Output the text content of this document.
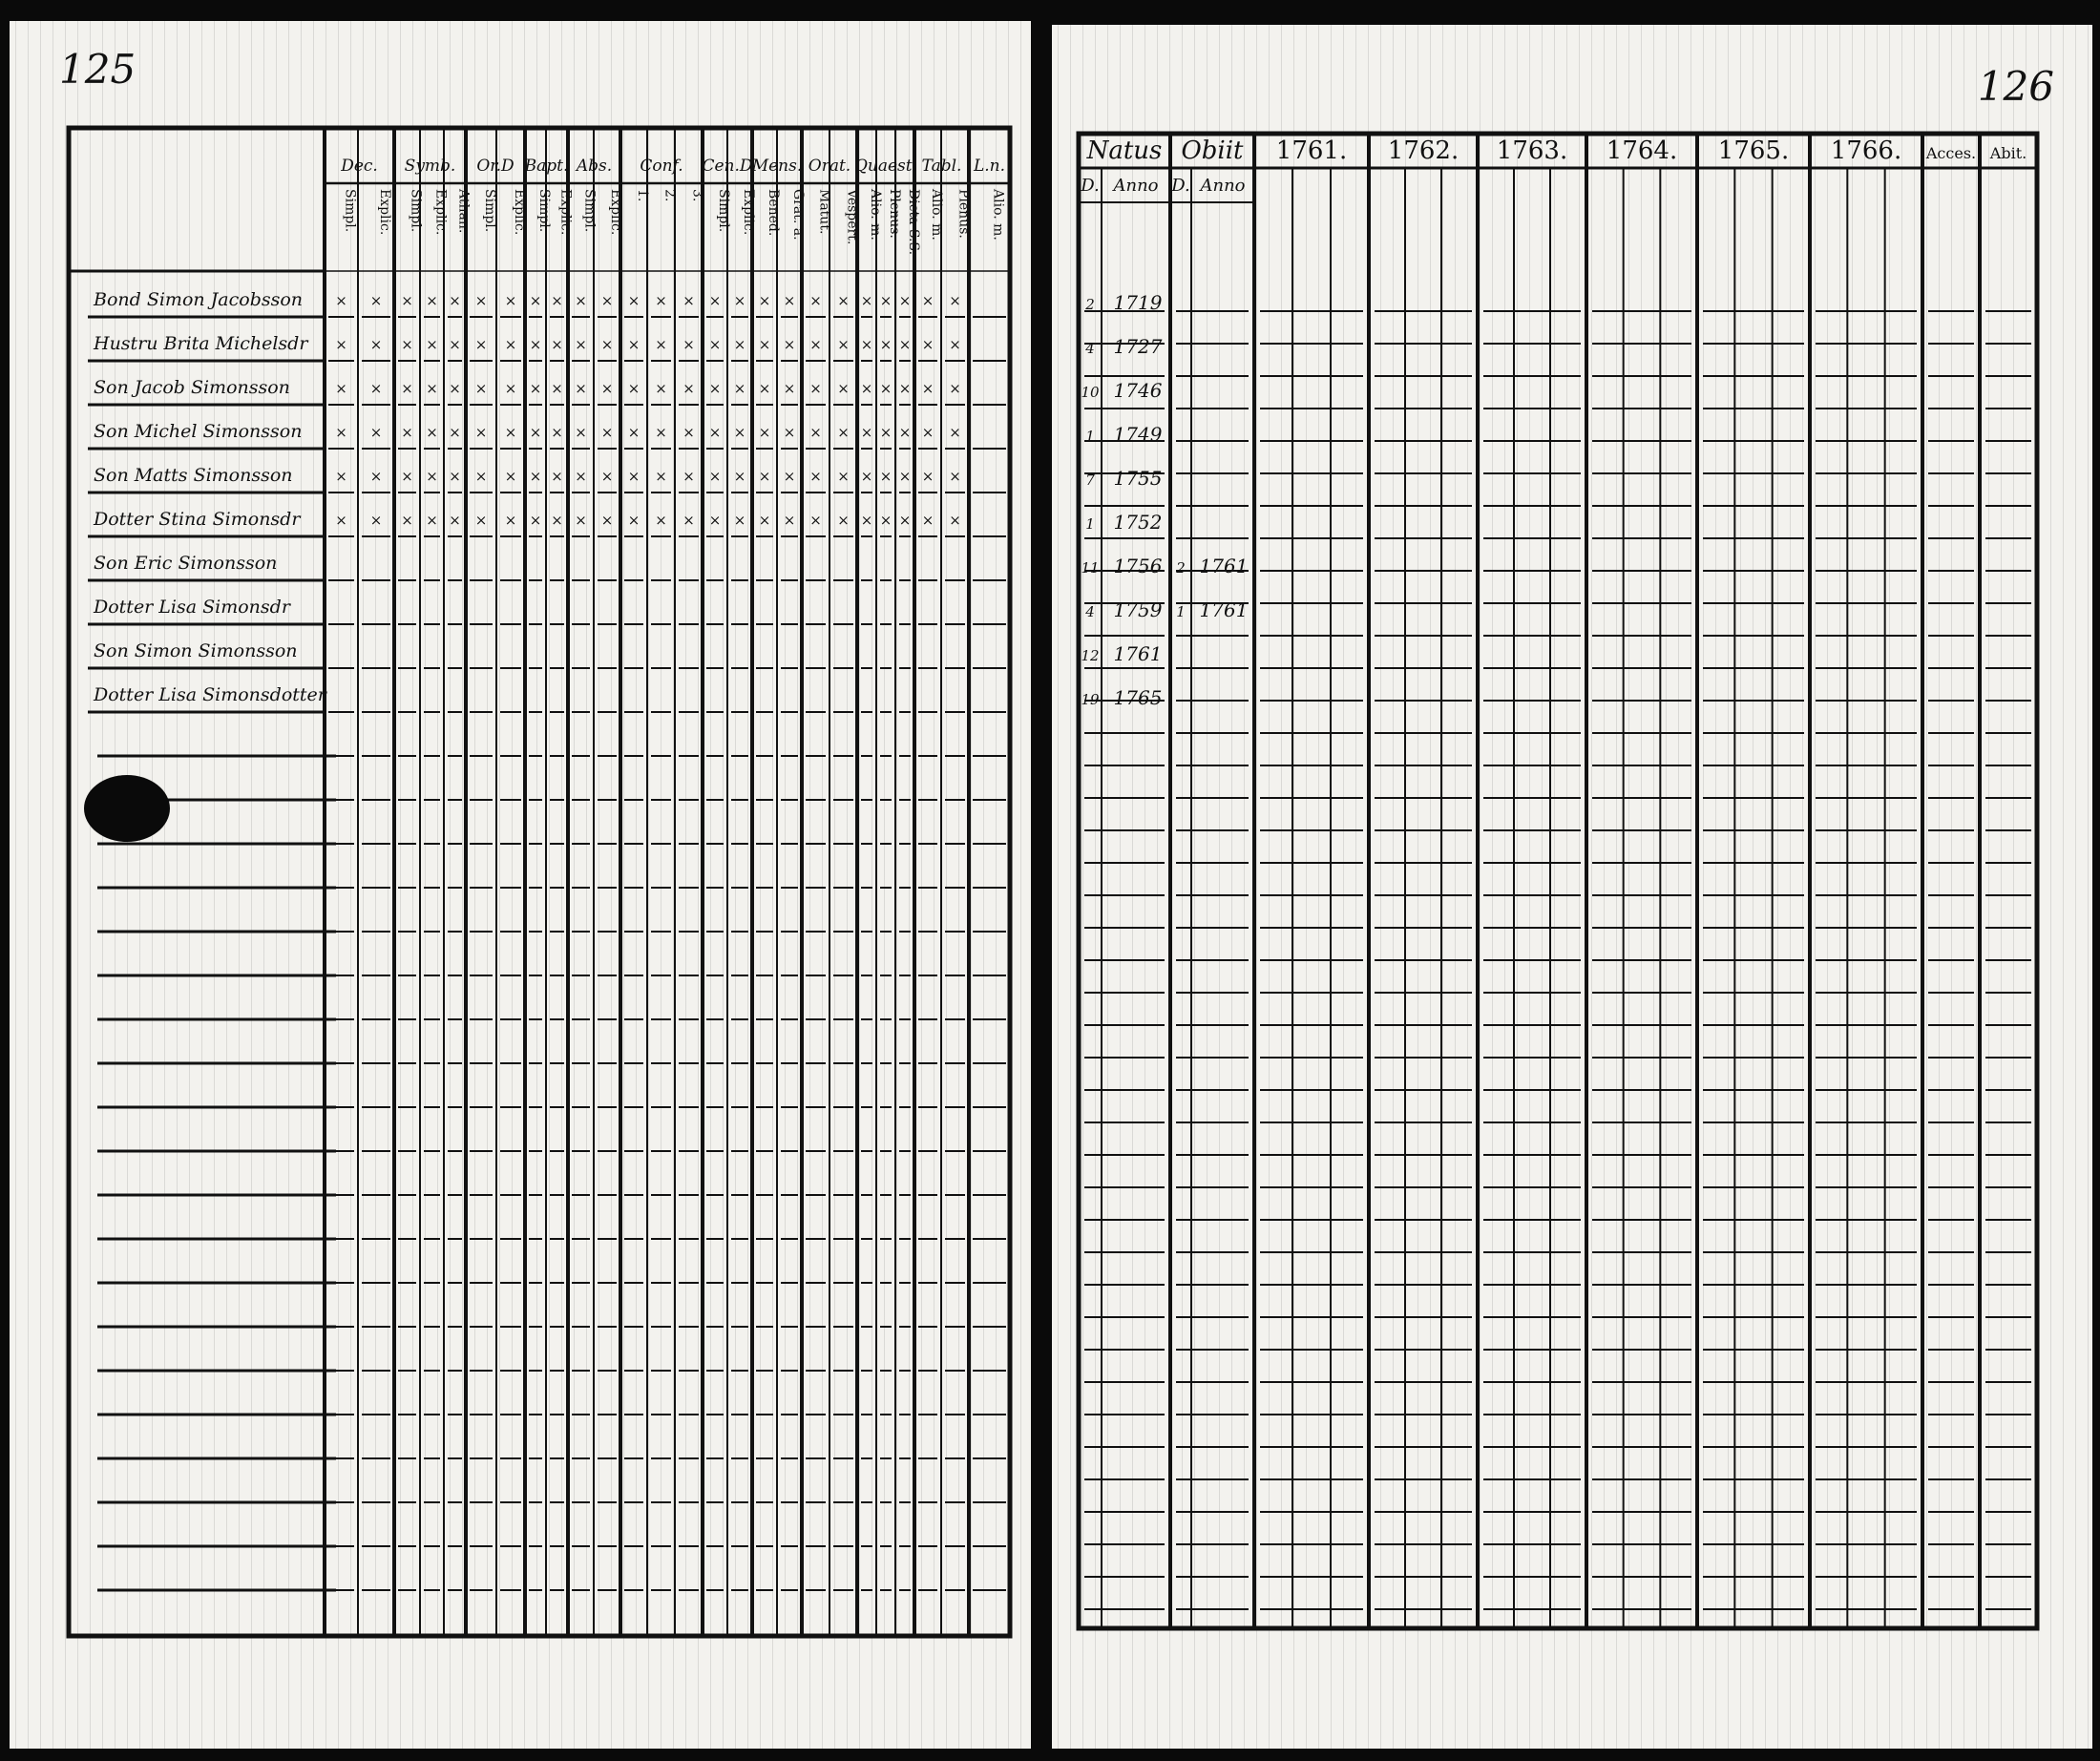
125
Dec. Symb. Or.D Bapt. Abs. Conf. Cen.D Mens. Orat. Quaest. Tabl. L.n.
Simpl. Explic. Simpl. Explic. Athan. Simpl. Explic. Simpl. Explic. Simpl. Explic. 1. 2. 3. Simpl. Explic. Bened. Grat. a. Matut. Vespert. Alio. m. Plenus. Dicta S.S. Alio. m. Plenus. Alio. m.
Bond Simon Jacobsson × × × × × × × × × × × × × × × × × × × × × × × × ×
Hustru Brita Michelsdr × × × × × × × × × × × × × × × × × × × × × × × × ×
Son Jacob Simonsson	× × × × × × × × × × × × × × × × × × × × × × × × ×
Son Michel Simonsson × × × × × × × × × × × × × × × × × × × × × × × × ×
Son Matts Simonsson	× × × × × × × × × × × × × × × × × × × × × × × × ×
Dotter Stina Simonsdr × × × × × × × × × × × × × × × × × × × × × × × × ×
Son Eric Simonsson
Dotter Lisa Simonsdr
Son Simon Simonsson
Dotter Lisa Simonsdotter
126
Natus Obiit 1761. 1762. 1763. 1764. 1765. 1766. Acces. Abit.
D. Anno D. Anno
2 1719
4 1727
10 1746
1 1749
7 1755
1 1752
11 1756 2 1761
4 1759 1 1761
12 1761
19 1765
